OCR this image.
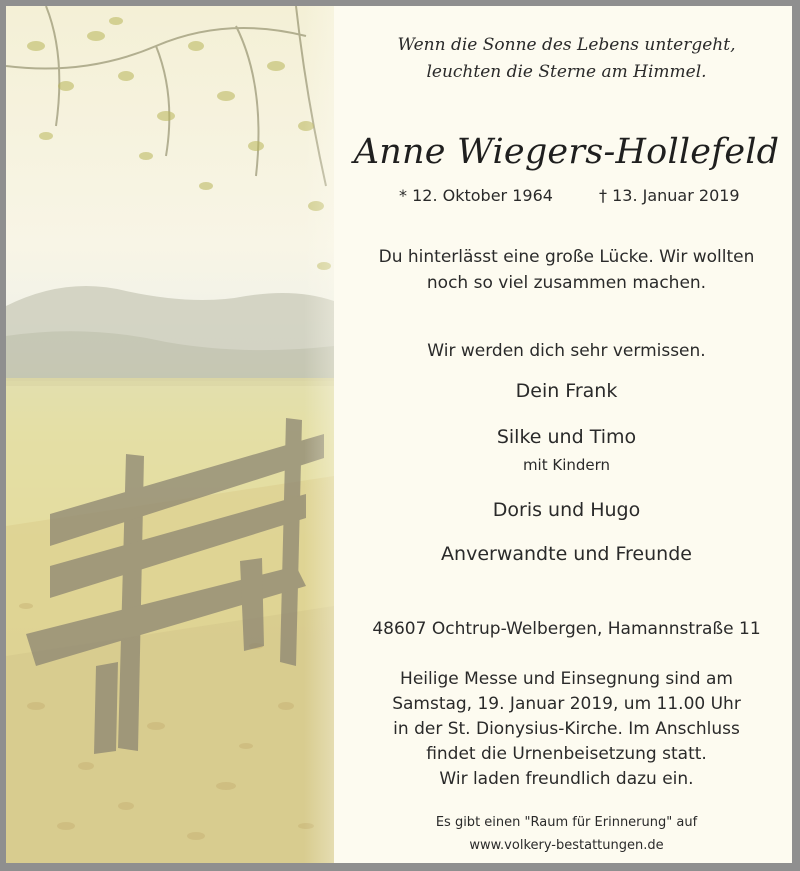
Wenn die Sonne des Lebens untergeht,
leuchten die Sterne am Himmel.
Anne Wiegers-Hollefeld
* 12. Oktober 1964	† 13. Januar 2019
Du hinterlässt eine große Lücke. Wir wollten
noch so viel zusammen machen.
Wir werden dich sehr vermissen.
Dein Frank
Silke und Timo
mit Kindern
Doris und Hugo
Anverwandte und Freunde
48607 Ochtrup-Welbergen, Hamannstraße 11
Heilige Messe und Einsegnung sind am
Samstag, 19. Januar 2019, um 11.00 Uhr
in der St. Dionysius-Kirche. Im Anschluss
findet die Urnenbeisetzung statt.
Wir laden freundlich dazu ein.
Es gibt einen "Raum für Erinnerung" auf
www.volkery-bestattungen.de
